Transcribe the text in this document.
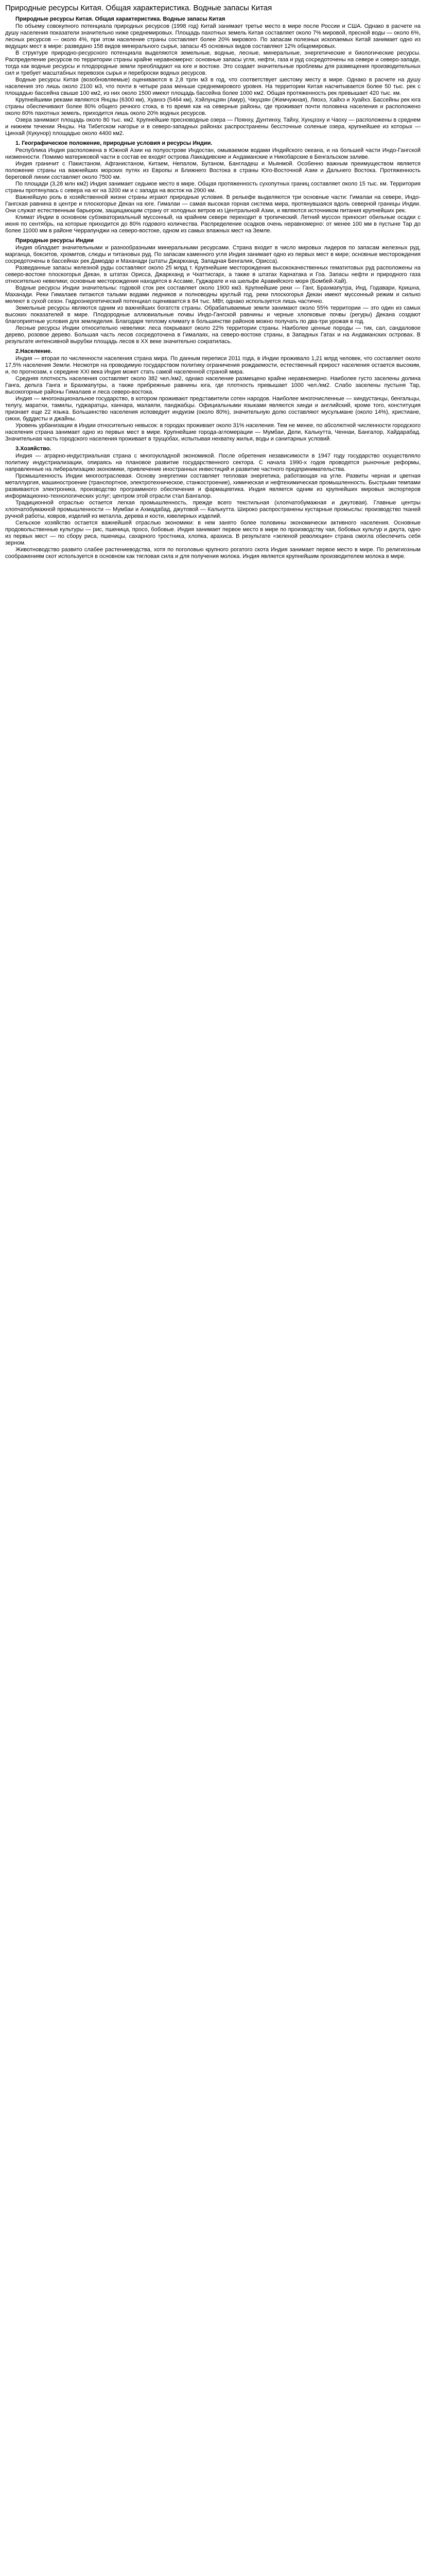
Природные ресурсы Китая. Общая характеристика. Водные запасы Китая
Природные ресурсы Китая. Общая характеристика. Водные запасы Китая

По объему совокупного потенциала природных ресурсов (1998 год) Китай занимает третье место в мире после России и США. Однако в расчете на душу населения показатели значительно ниже среднемировых. Площадь пахотных земель Китая составляет около 7% мировой, пресной воды — около 6%, лесных ресурсов — около 4%, при этом население страны составляет более 20% мирового. По запасам полезных ископаемых Китай занимает одно из ведущих мест в мире: разведано 158 видов минерального сырья, запасы 45 основных видов составляют 12% общемировых.

В структуре природно-ресурсного потенциала выделяются земельные, водные, лесные, минеральные, энергетические и биологические ресурсы. Распределение ресурсов по территории страны крайне неравномерно: основные запасы угля, нефти, газа и руд сосредоточены на севере и северо-западе, тогда как водные ресурсы и плодородные земли преобладают на юге и востоке. Это создает значительные проблемы для размещения производительных сил и требует масштабных перевозок сырья и переброски водных ресурсов.

Водные ресурсы Китая (возобновляемые) оцениваются в 2,8 трлн м3 в год, что соответствует шестому месту в мире. Однако в расчете на душу населения это лишь около 2100 м3, что почти в четыре раза меньше среднемирового уровня. На территории Китая насчитывается более 50 тыс. рек с площадью бассейна свыше 100 км2, из них около 1500 имеют площадь бассейна более 1000 км2. Общая протяженность рек превышает 420 тыс. км.

Крупнейшими реками являются Янцзы (6300 км), Хуанхэ (5464 км), Хэйлунцзян (Амур), Чжуцзян (Жемчужная), Ляохэ, Хайхэ и Хуайхэ. Бассейны рек юга страны обеспечивают более 80% общего речного стока, в то время как на северные районы, где проживает почти половина населения и расположено около 60% пахотных земель, приходится лишь около 20% водных ресурсов.

Озера занимают площадь около 80 тыс. км2. Крупнейшие пресноводные озера — Поянху, Дунтинху, Тайху, Хунцзэху и Чаоху — расположены в среднем и нижнем течении Янцзы. На Тибетском нагорье и в северо-западных районах распространены бессточные соленые озера, крупнейшее из которых — Цинхай (Кукунор) площадью около 4400 км2.

1. Географическое положение, природные условия и ресурсы Индии.

Республика Индия расположена в Южной Азии на полуострове Индостан, омываемом водами Индийского океана, и на большей части Индо-Гангской низменности. Помимо материковой части в состав ее входят острова Лаккадивские и Андаманские и Никобарские в Бенгальском заливе.

Индия граничит с Пакистаном, Афганистаном, Китаем, Непалом, Бутаном, Бангладеш и Мьянмой. Особенно важным преимуществом является положение страны на важнейших морских путях из Европы и Ближнего Востока в страны Юго-Восточной Азии и Дальнего Востока. Протяженность береговой линии составляет около 7500 км.

По площади (3,28 млн км2) Индия занимает седьмое место в мире. Общая протяженность сухопутных границ составляет около 15 тыс. км. Территория страны протянулась с севера на юг на 3200 км и с запада на восток на 2900 км.

Важнейшую роль в хозяйственной жизни страны играют природные условия. В рельефе выделяются три основные части: Гималаи на севере, Индо-Гангская равнина в центре и плоскогорье Декан на юге. Гималаи — самая высокая горная система мира, протянувшаяся вдоль северной границы Индии. Они служат естественным барьером, защищающим страну от холодных ветров из Центральной Азии, и являются источником питания крупнейших рек.

Климат Индии в основном субэкваториальный муссонный, на крайнем севере переходит в тропический. Летний муссон приносит обильные осадки с июня по сентябрь, на которые приходится до 80% годового количества. Распределение осадков очень неравномерно: от менее 100 мм в пустыне Тар до более 11000 мм в районе Черрапунджи на северо-востоке, одном из самых влажных мест на Земле.

Природные ресурсы Индии

Индия обладает значительными и разнообразными минеральными ресурсами. Страна входит в число мировых лидеров по запасам железных руд, марганца, бокситов, хромитов, слюды и титановых руд. По запасам каменного угля Индия занимает одно из первых мест в мире; основные месторождения сосредоточены в бассейнах рек Дамодар и Маханади (штаты Джаркханд, Западная Бенгалия, Орисса).

Разведанные запасы железной руды составляют около 25 млрд т. Крупнейшие месторождения высококачественных гематитовых руд расположены на северо-востоке плоскогорья Декан, в штатах Орисса, Джаркханд и Чхаттисгарх, а также в штатах Карнатака и Гоа. Запасы нефти и природного газа относительно невелики; основные месторождения находятся в Ассаме, Гуджарате и на шельфе Аравийского моря (Бомбей-Хай).

Водные ресурсы Индии значительны: годовой сток рек составляет около 1900 км3. Крупнейшие реки — Ганг, Брахмапутра, Инд, Годавари, Кришна, Маханади. Реки Гималаев питаются талыми водами ледников и полноводны круглый год, реки плоскогорья Декан имеют муссонный режим и сильно мелеют в сухой сезон. Гидроэнергетический потенциал оценивается в 84 тыс. МВт, однако используется лишь частично.

Земельные ресурсы являются одним из важнейших богатств страны. Обрабатываемые земли занимают около 55% территории — это один из самых высоких показателей в мире. Плодородные аллювиальные почвы Индо-Гангской равнины и черные хлопковые почвы (регуры) Декана создают благоприятные условия для земледелия. Благодаря теплому климату в большинстве районов можно получать по два-три урожая в год.

Лесные ресурсы Индии относительно невелики: леса покрывают около 22% территории страны. Наиболее ценные породы — тик, сал, сандаловое дерево, розовое дерево. Большая часть лесов сосредоточена в Гималаях, на северо-востоке страны, в Западных Гатах и на Андаманских островах. В результате интенсивной вырубки площадь лесов в XX веке значительно сократилась.

2.Население.

Индия — вторая по численности населения страна мира. По данным переписи 2011 года, в Индии проживало 1,21 млрд человек, что составляет около 17,5% населения Земли. Несмотря на проводимую государством политику ограничения рождаемости, естественный прирост населения остается высоким, и, по прогнозам, к середине XXI века Индия может стать самой населенной страной мира.

Средняя плотность населения составляет около 382 чел./км2, однако население размещено крайне неравномерно. Наиболее густо заселены долина Ганга, дельта Ганга и Брахмапутры, а также прибрежные равнины юга, где плотность превышает 1000 чел./км2. Слабо заселены пустыня Тар, высокогорные районы Гималаев и леса северо-востока.

Индия — многонациональное государство, в котором проживают представители сотен народов. Наиболее многочисленные — хиндустанцы, бенгальцы, телугу, маратхи, тамилы, гуджаратцы, каннара, малаяли, панджабцы. Официальными языками являются хинди и английский, кроме того, конституция признает еще 22 языка. Большинство населения исповедует индуизм (около 80%), значительную долю составляют мусульмане (около 14%), христиане, сикхи, буддисты и джайны.

Уровень урбанизации в Индии относительно невысок: в городах проживает около 31% населения. Тем не менее, по абсолютной численности городского населения страна занимает одно из первых мест в мире. Крупнейшие города-агломерации — Мумбаи, Дели, Калькутта, Ченнаи, Бангалор, Хайдарабад. Значительная часть городского населения проживает в трущобах, испытывая нехватку жилья, воды и санитарных условий.

3.Хозяйство.

Индия — аграрно-индустриальная страна с многоукладной экономикой. После обретения независимости в 1947 году государство осуществляло политику индустриализации, опираясь на плановое развитие государственного сектора. С начала 1990-х годов проводятся рыночные реформы, направленные на либерализацию экономики, привлечение иностранных инвестиций и развитие частного предпринимательства.

Промышленность Индии многоотраслевая. Основу энергетики составляет тепловая энергетика, работающая на угле. Развиты черная и цветная металлургия, машиностроение (транспортное, электротехническое, станкостроение), химическая и нефтехимическая промышленность. Быстрыми темпами развиваются электроника, производство программного обеспечения и фармацевтика. Индия является одним из крупнейших мировых экспортеров информационно-технологических услуг; центром этой отрасли стал Бангалор.

Традиционной отраслью остается легкая промышленность, прежде всего текстильная (хлопчатобумажная и джутовая). Главные центры хлопчатобумажной промышленности — Мумбаи и Ахмадабад, джутовой — Калькутта. Широко распространены кустарные промыслы: производство тканей ручной работы, ковров, изделий из металла, дерева и кости, ювелирных изделий.

Сельское хозяйство остается важнейшей отраслью экономики: в нем занято более половины экономически активного населения. Основные продовольственные культуры — рис, пшеница, просо, бобовые. Индия занимает первое место в мире по производству чая, бобовых культур и джута, одно из первых мест — по сбору риса, пшеницы, сахарного тростника, хлопка, арахиса. В результате «зеленой революции» страна смогла обеспечить себя зерном.

Животноводство развито слабее растениеводства, хотя по поголовью крупного рогатого скота Индия занимает первое место в мире. По религиозным соображениям скот используется в основном как тягловая сила и для получения молока. Индия является крупнейшим производителем молока в мире.
